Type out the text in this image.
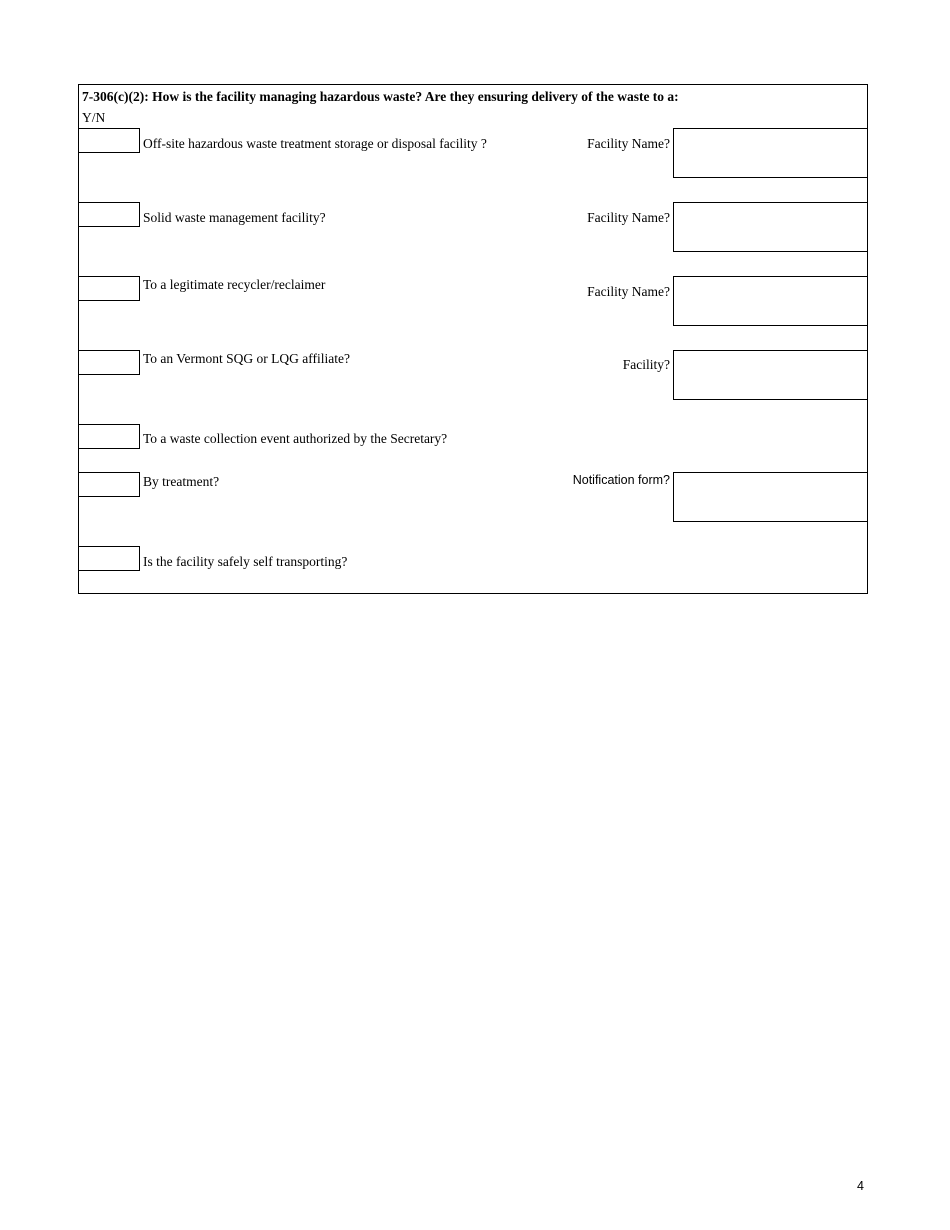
7-306(c)(2): How is the facility managing hazardous waste? Are they ensuring delivery of the waste to a:
Y/N
Off-site hazardous waste treatment storage or disposal facility ?	Facility Name?
Solid waste management facility?	Facility Name?
To a legitimate recycler/reclaimer	Facility Name?
To an Vermont SQG or LQG affiliate?	Facility?
To a waste collection event authorized by the Secretary?
By treatment?	Notification form?
Is the facility safely self transporting?
4
